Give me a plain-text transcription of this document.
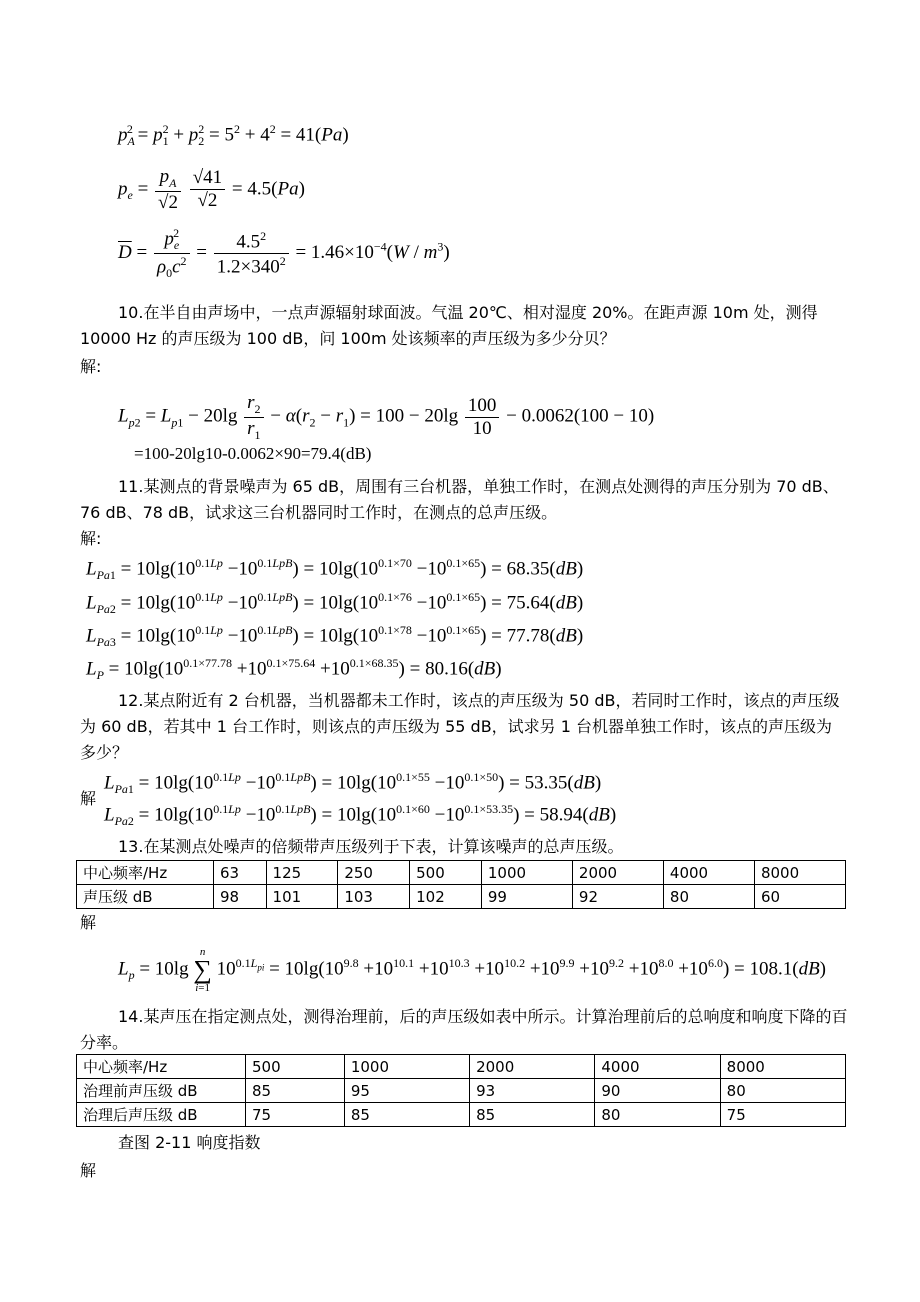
$p_A^2 = p_1^2 + p_2^2 = 5^2 + 4^2 = 41(Pa)$
$p_e = \frac{p_A}{√2}$
$\frac{√41}{√2} = 4.5(Pa)$
$\overline{D} = \frac{p_e^2}{\rho_0c^2} = \frac{4.5^2}{1.2\times 340^2} = 1.46\times 10^{-4}(W / m^3)$
10.在半自由声场中，一点声源辐射球面波。气温 20℃、相对湿度 20%。在距声源 10m 处，测得 10000 Hz 的声压级为 100 dB，问 100m 处该频率的声压级为多少分贝？
解:
$L_{p2} = L_{p1} - 20\lg \frac{r_2}{r_1} - \alpha(r_2 - r_1) = 100 - 20\lg \frac{100}{10} - 0.0062(100 - 10)$
=100-20lg10-0.0062×90=79.4(dB)
11.某测点的背景噪声为 65 dB，周围有三台机器，单独工作时，在测点处测得的声压分别为 70 dB、76 dB、78 dB，试求这三台机器同时工作时，在测点的总声压级。
解:
$L_{Pa1} = 10\lg(10^{0.1Lp} -10^{0.1LpB}) = 10\lg(10^{0.1\times 70} -10^{0.1\times 65}) = 68.35(dB)$
$L_{Pa2} = 10\lg(10^{0.1Lp} -10^{0.1LpB}) = 10\lg(10^{0.1\times 76} -10^{0.1\times 65}) = 75.64(dB)$
$L_{Pa3} = 10\lg(10^{0.1Lp} -10^{0.1LpB}) = 10\lg(10^{0.1\times 78} -10^{0.1\times 65}) = 77.78(dB)$
$L_P = 10\lg(10^{0.1\times 77.78} +10^{0.1\times 75.64} +10^{0.1\times 68.35}) = 80.16(dB)$
12.某点附近有 2 台机器，当机器都未工作时，该点的声压级为 50 dB，若同时工作时，该点的声压级为 60 dB，若其中 1 台工作时，则该点的声压级为 55 dB，试求另 1 台机器单独工作时，该点的声压级为多少？
解
$L_{Pa1} = 10\lg(10^{0.1Lp} -10^{0.1LpB}) = 10\lg(10^{0.1\times 55} -10^{0.1\times 50}) = 53.35(dB)$
$L_{Pa2} = 10\lg(10^{0.1Lp} -10^{0.1LpB}) = 10\lg(10^{0.1\times 60} -10^{0.1\times 53.35}) = 58.94(dB)$
13.在某测点处噪声的倍频带声压级列于下表，计算该噪声的总声压级。
中心频率/Hz	63	125	250	500	1000	2000	4000	8000
声压级 dB	98	101	103	102	99	92	80	60
解
$L_p = 10\lg$
n
∑
i=1
$10^{0.1L_{pi}} = 10\lg(10^{9.8} +10^{10.1} +10^{10.3} +10^{10.2} +10^{9.9} +10^{9.2} +10^{8.0} +10^{6.0}) = 108.1(dB)$
14.某声压在指定测点处，测得治理前，后的声压级如表中所示。计算治理前后的总响度和响度下降的百分率。
中心频率/Hz	500	1000	2000	4000	8000
治理前声压级 dB	85	95	93	90	80
治理后声压级 dB	75	85	85	80	75
查图 2-11 响度指数
解
